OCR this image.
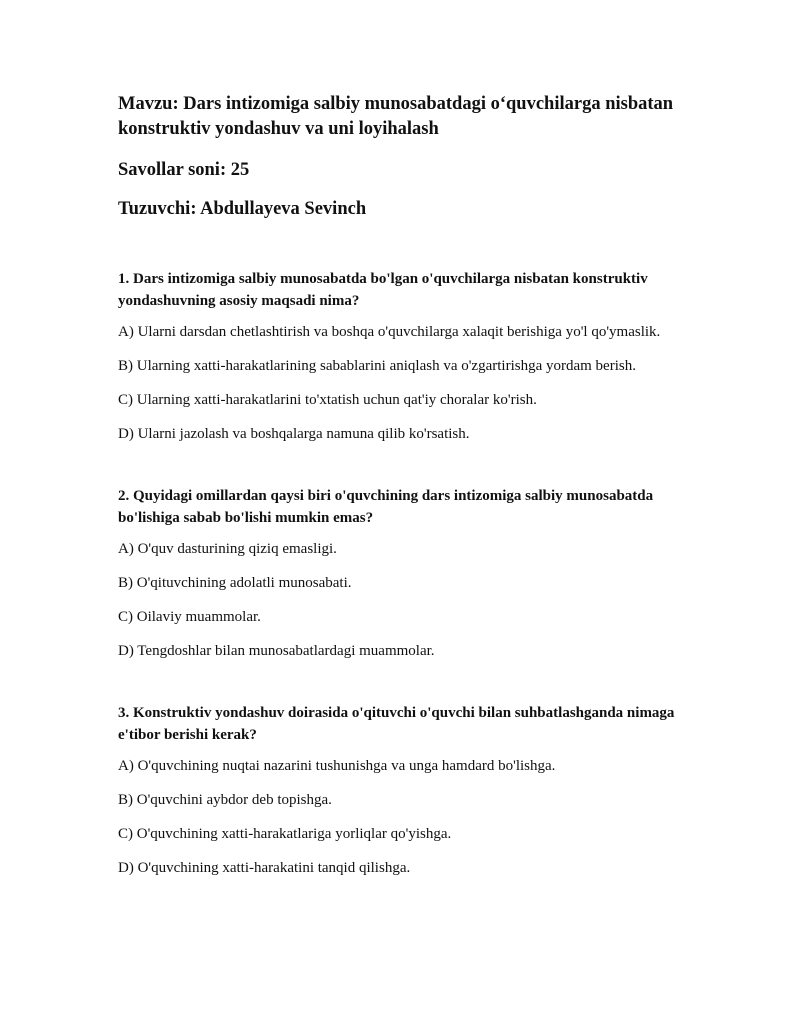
Mavzu: Dars intizomiga salbiy munosabatdagi o‘quvchilarga nisbatan konstruktiv yondashuv va uni loyihalash

Savollar soni: 25

Tuzuvchi: Abdullayeva Sevinch

1. Dars intizomiga salbiy munosabatda bo'lgan o'quvchilarga nisbatan konstruktiv yondashuvning asosiy maqsadi nima?

A) Ularni darsdan chetlashtirish va boshqa o'quvchilarga xalaqit berishiga yo'l qo'ymaslik.

B) Ularning xatti-harakatlarining sabablarini aniqlash va o'zgartirishga yordam berish.

C) Ularning xatti-harakatlarini to'xtatish uchun qat'iy choralar ko'rish.

D) Ularni jazolash va boshqalarga namuna qilib ko'rsatish.

2. Quyidagi omillardan qaysi biri o'quvchining dars intizomiga salbiy munosabatda bo'lishiga sabab bo'lishi mumkin emas?

A) O'quv dasturining qiziq emasligi.

B) O'qituvchining adolatli munosabati.

C) Oilaviy muammolar.

D) Tengdoshlar bilan munosabatlardagi muammolar.

3. Konstruktiv yondashuv doirasida o'qituvchi o'quvchi bilan suhbatlashganda nimaga e'tibor berishi kerak?

A) O'quvchining nuqtai nazarini tushunishga va unga hamdard bo'lishga.

B) O'quvchini aybdor deb topishga.

C) O'quvchining xatti-harakatlariga yorliqlar qo'yishga.

D) O'quvchining xatti-harakatini tanqid qilishga.
